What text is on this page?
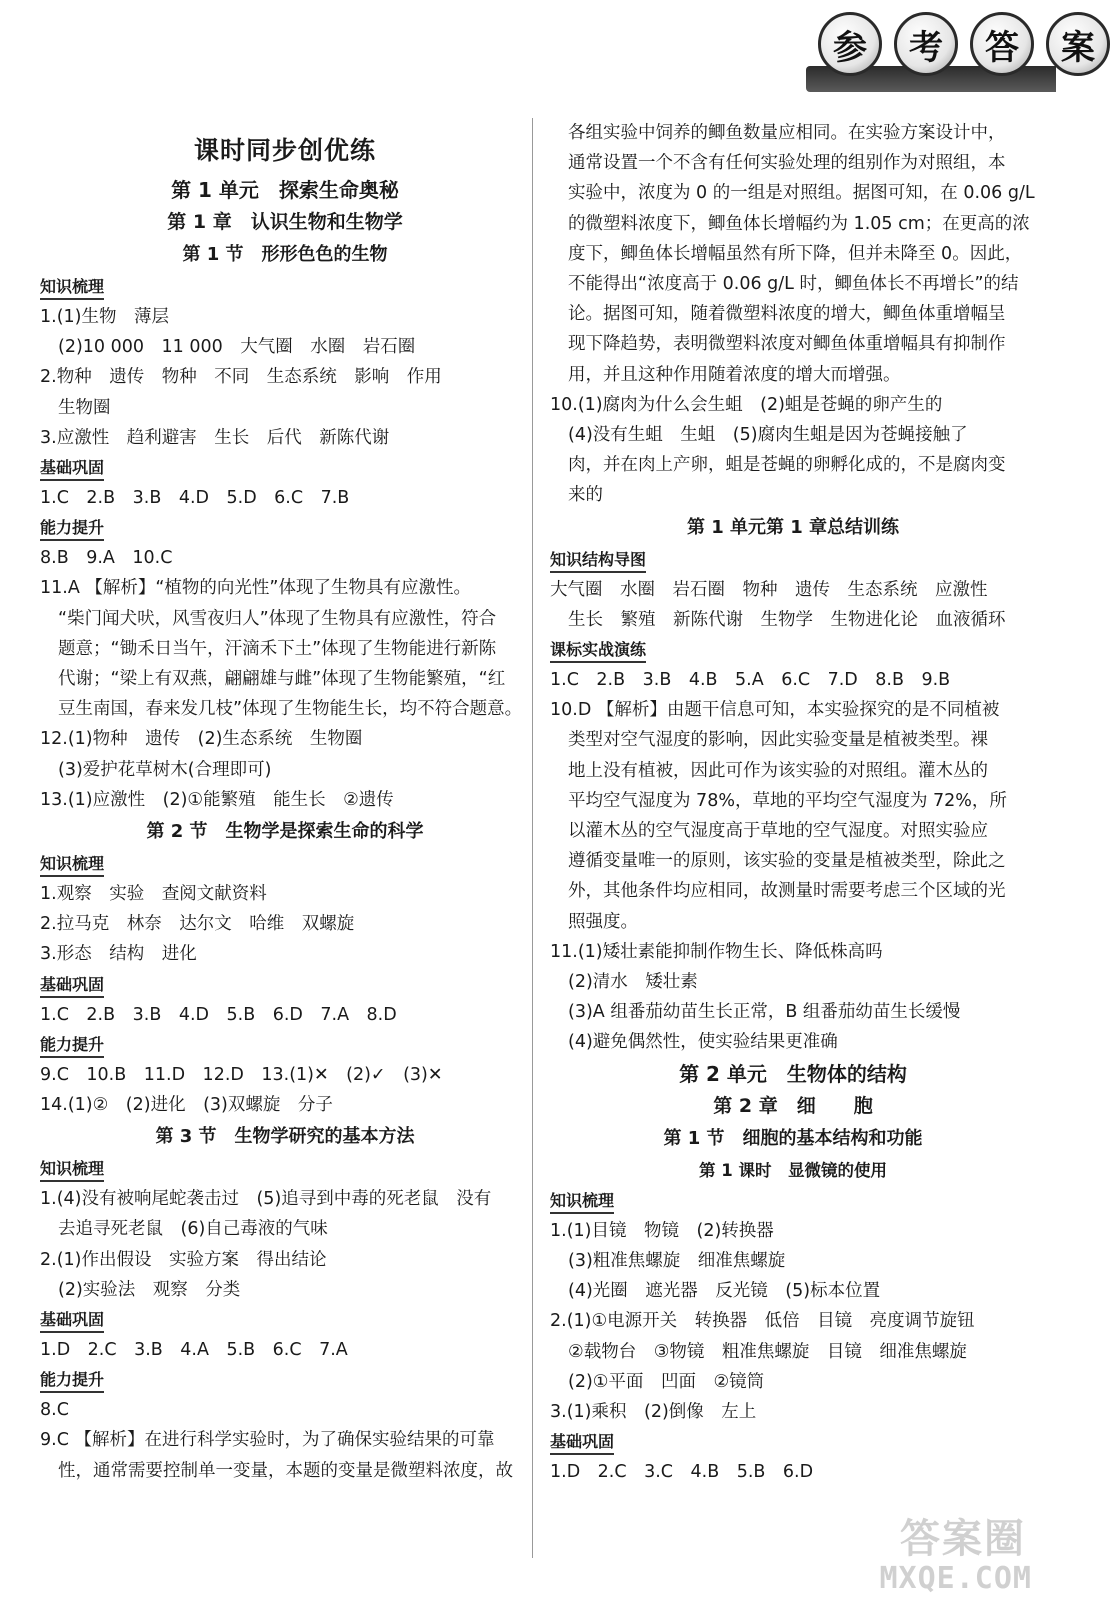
参	考	答	案
课时同步创优练
第 1 单元　探索生命奥秘
第 1 章　认识生物和生物学
第 1 节　形形色色的生物
知识梳理
1.(1)生物　薄层
(2)10 000　11 000　大气圈　水圈　岩石圈
2.物种　遗传　物种　不同　生态系统　影响　作用
生物圈
3.应激性　趋利避害　生长　后代　新陈代谢
基础巩固
1.C　2.B　3.B　4.D　5.D　6.C　7.B
能力提升
8.B　9.A　10.C
11.A 【解析】“植物的向光性”体现了生物具有应激性。
“柴门闻犬吠，风雪夜归人”体现了生物具有应激性，符合
题意；“锄禾日当午，汗滴禾下土”体现了生物能进行新陈
代谢；“梁上有双燕，翩翩雄与雌”体现了生物能繁殖，“红
豆生南国，春来发几枝”体现了生物能生长，均不符合题意。
12.(1)物种　遗传　(2)生态系统　生物圈
(3)爱护花草树木(合理即可)
13.(1)应激性　(2)①能繁殖　能生长　②遗传
第 2 节　生物学是探索生命的科学
知识梳理
1.观察　实验　查阅文献资料
2.拉马克　林奈　达尔文　哈维　双螺旋
3.形态　结构　进化
基础巩固
1.C　2.B　3.B　4.D　5.B　6.D　7.A　8.D
能力提升
9.C　10.B　11.D　12.D　13.(1)✕　(2)✓　(3)✕
14.(1)②　(2)进化　(3)双螺旋　分子
第 3 节　生物学研究的基本方法
知识梳理
1.(4)没有被响尾蛇袭击过　(5)追寻到中毒的死老鼠　没有
去追寻死老鼠　(6)自己毒液的气味
2.(1)作出假设　实验方案　得出结论
(2)实验法　观察　分类
基础巩固
1.D　2.C　3.B　4.A　5.B　6.C　7.A
能力提升
8.C
9.C 【解析】在进行科学实验时，为了确保实验结果的可靠
性，通常需要控制单一变量，本题的变量是微塑料浓度，故
各组实验中饲养的鲫鱼数量应相同。在实验方案设计中，
通常设置一个不含有任何实验处理的组别作为对照组，本
实验中，浓度为 0 的一组是对照组。据图可知，在 0.06 g/L
的微塑料浓度下，鲫鱼体长增幅约为 1.05 cm；在更高的浓
度下，鲫鱼体长增幅虽然有所下降，但并未降至 0。因此，
不能得出“浓度高于 0.06 g/L 时，鲫鱼体长不再增长”的结
论。据图可知，随着微塑料浓度的增大，鲫鱼体重增幅呈
现下降趋势，表明微塑料浓度对鲫鱼体重增幅具有抑制作
用，并且这种作用随着浓度的增大而增强。
10.(1)腐肉为什么会生蛆　(2)蛆是苍蝇的卵产生的
(4)没有生蛆　生蛆　(5)腐肉生蛆是因为苍蝇接触了
肉，并在肉上产卵，蛆是苍蝇的卵孵化成的，不是腐肉变
来的
第 1 单元第 1 章总结训练
知识结构导图
大气圈　水圈　岩石圈　物种　遗传　生态系统　应激性
生长　繁殖　新陈代谢　生物学　生物进化论　血液循环
课标实战演练
1.C　2.B　3.B　4.B　5.A　6.C　7.D　8.B　9.B
10.D 【解析】由题干信息可知，本实验探究的是不同植被
类型对空气湿度的影响，因此实验变量是植被类型。裸
地上没有植被，因此可作为该实验的对照组。灌木丛的
平均空气湿度为 78%，草地的平均空气湿度为 72%，所
以灌木丛的空气湿度高于草地的空气湿度。对照实验应
遵循变量唯一的原则，该实验的变量是植被类型，除此之
外，其他条件均应相同，故测量时需要考虑三个区域的光
照强度。
11.(1)矮壮素能抑制作物生长、降低株高吗
(2)清水　矮壮素
(3)A 组番茄幼苗生长正常，B 组番茄幼苗生长缓慢
(4)避免偶然性，使实验结果更准确
第 2 单元　生物体的结构
第 2 章　细　　胞
第 1 节　细胞的基本结构和功能
第 1 课时　显微镜的使用
知识梳理
1.(1)目镜　物镜　(2)转换器
(3)粗准焦螺旋　细准焦螺旋
(4)光圈　遮光器　反光镜　(5)标本位置
2.(1)①电源开关　转换器　低倍　目镜　亮度调节旋钮
②载物台　③物镜　粗准焦螺旋　目镜　细准焦螺旋
(2)①平面　凹面　②镜筒
3.(1)乘积　(2)倒像　左上
基础巩固
1.D　2.C　3.C　4.B　5.B　6.D
答案圈
MXQE.COM
